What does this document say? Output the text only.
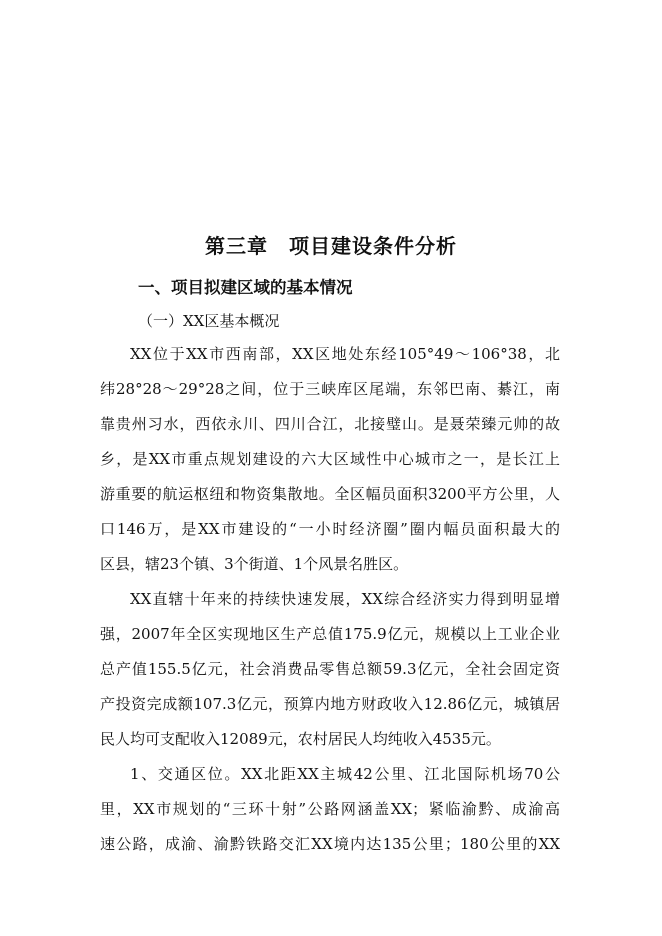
第三章　项目建设条件分析
一、项目拟建区域的基本情况
（一）XX区基本概况
XX位于XX市西南部，XX区地处东经105°49～106°38，北
纬28°28～29°28之间，位于三峡库区尾端，东邻巴南、綦江，南
靠贵州习水，西依永川、四川合江，北接璧山。是聂荣臻元帅的故
乡，是XX市重点规划建设的六大区域性中心城市之一，是长江上
游重要的航运枢纽和物资集散地。全区幅员面积3200平方公里，人
口146万，是XX市建设的“一小时经济圈”圈内幅员面积最大的
区县，辖23个镇、3个街道、1个风景名胜区。
XX直辖十年来的持续快速发展，XX综合经济实力得到明显增
强，2007年全区实现地区生产总值175.9亿元，规模以上工业企业
总产值155.5亿元，社会消费品零售总额59.3亿元，全社会固定资
产投资完成额107.3亿元，预算内地方财政收入12.86亿元，城镇居
民人均可支配收入12089元，农村居民人均纯收入4535元。
1、交通区位。XX北距XX主城42公里、江北国际机场70公
里，XX市规划的“三环十射”公路网涵盖XX；紧临渝黔、成渝高
速公路，成渝、渝黔铁路交汇XX境内达135公里；180公里的XX
